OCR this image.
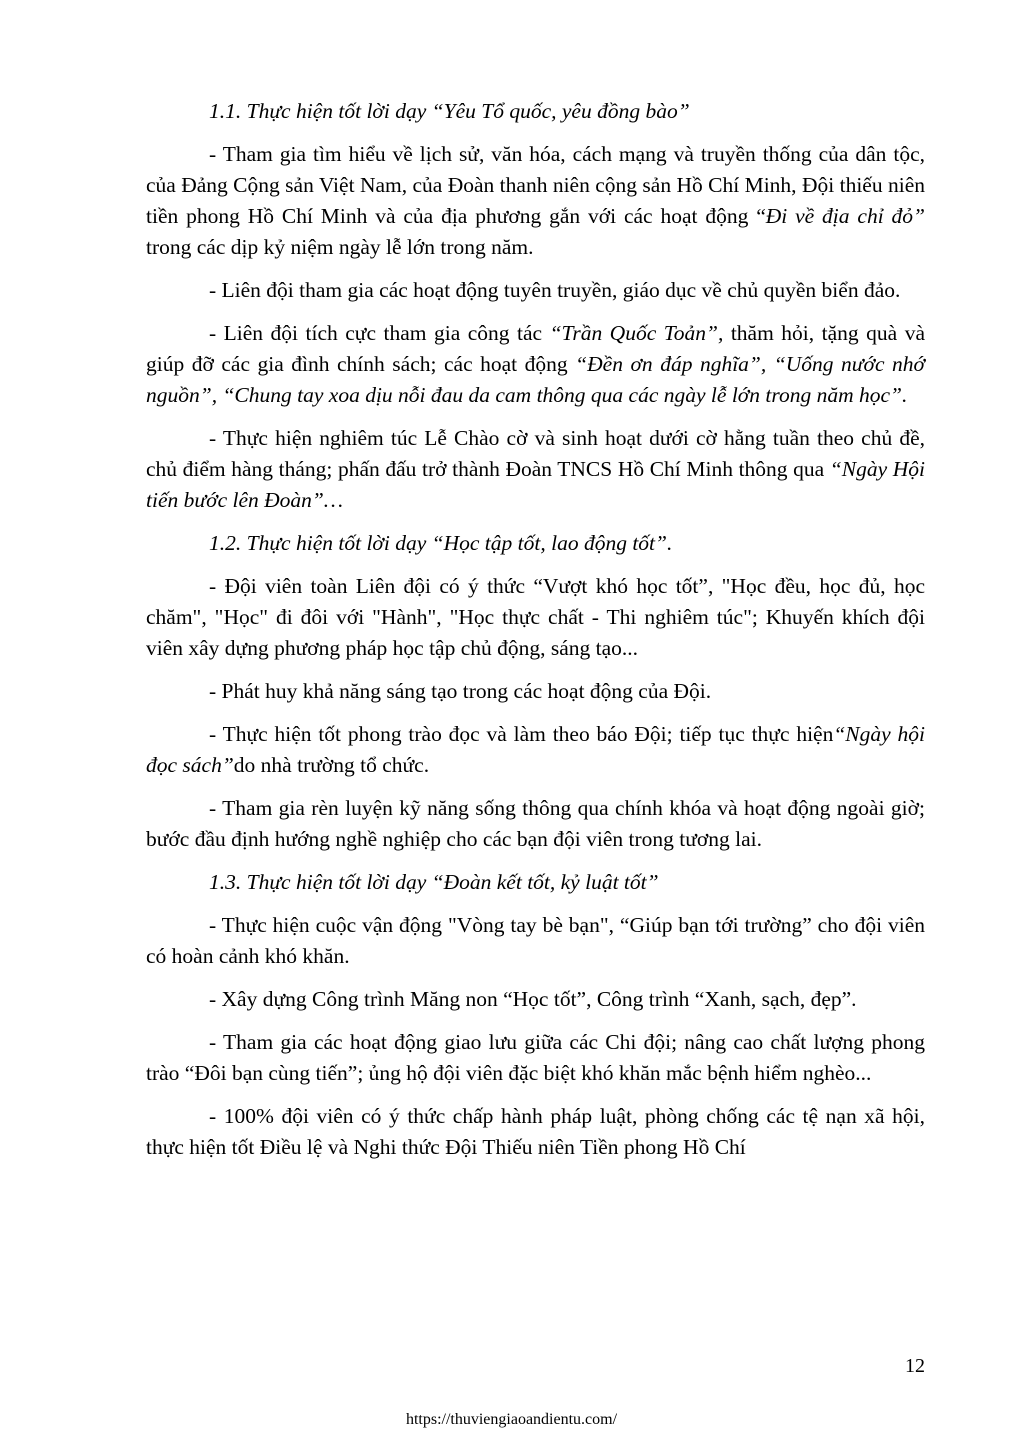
1.1. Thực hiện tốt lời dạy “Yêu Tổ quốc, yêu đồng bào”
- Tham gia tìm hiểu về lịch sử, văn hóa, cách mạng và truyền thống của dân tộc, của Đảng Cộng sản Việt Nam, của Đoàn thanh niên cộng sản Hồ Chí Minh, Đội thiếu niên tiền phong Hồ Chí Minh và của địa phương gắn với các hoạt động “Đi về địa chỉ đỏ” trong các dịp kỷ niệm ngày lễ lớn trong năm.
- Liên đội tham gia các hoạt động tuyên truyền, giáo dục về chủ quyền biển đảo.
- Liên đội tích cực tham gia công tác “Trần Quốc Toản”, thăm hỏi, tặng quà và giúp đỡ các gia đình chính sách; các hoạt động “Đền ơn đáp nghĩa”, “Uống nước nhớ nguồn”, “Chung tay xoa dịu nỗi đau da cam thông qua các ngày lễ lớn trong năm học”.
- Thực hiện nghiêm túc Lễ Chào cờ và sinh hoạt dưới cờ hằng tuần theo chủ đề, chủ điểm hàng tháng; phấn đấu trở thành Đoàn TNCS Hồ Chí Minh thông qua “Ngày Hội tiến bước lên Đoàn”…
1.2. Thực hiện tốt lời dạy “Học tập tốt, lao động tốt”.
- Đội viên toàn Liên đội có ý thức “Vượt khó học tốt”, "Học đều, học đủ, học chăm", "Học" đi đôi với "Hành", "Học thực chất - Thi nghiêm túc"; Khuyến khích đội viên xây dựng phương pháp học tập chủ động, sáng tạo...
- Phát huy khả năng sáng tạo trong các hoạt động của Đội.
- Thực hiện tốt phong trào đọc và làm theo báo Đội; tiếp tục thực hiện“Ngày hội đọc sách”do nhà trường tổ chức.
- Tham gia rèn luyện kỹ năng sống thông qua chính khóa và hoạt động ngoài giờ; bước đầu định hướng nghề nghiệp cho các bạn đội viên trong tương lai.
1.3. Thực hiện tốt lời dạy “Đoàn kết tốt, kỷ luật tốt”
- Thực hiện cuộc vận động "Vòng tay bè bạn", “Giúp bạn tới trường” cho đội viên có hoàn cảnh khó khăn.
- Xây dựng Công trình Măng non “Học tốt”, Công trình “Xanh, sạch, đẹp”.
- Tham gia các hoạt động giao lưu giữa các Chi đội; nâng cao chất lượng phong trào “Đôi bạn cùng tiến”; ủng hộ đội viên đặc biệt khó khăn mắc bệnh hiểm nghèo...
- 100% đội viên có ý thức chấp hành pháp luật, phòng chống các tệ nạn xã hội, thực hiện tốt Điều lệ và Nghi thức Đội Thiếu niên Tiền phong Hồ Chí
12
https://thuviengiaoandientu.com/
